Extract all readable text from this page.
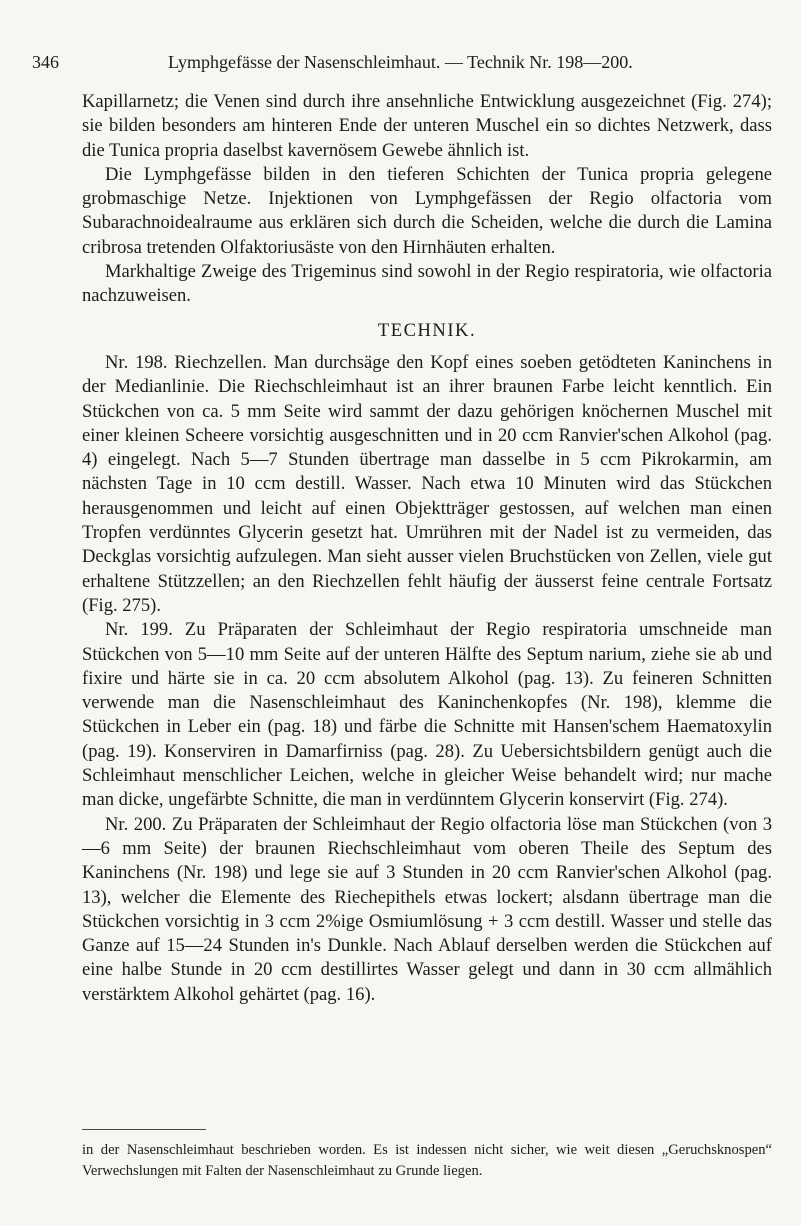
346	Lymphgefässe der Nasenschleimhaut. — Technik Nr. 198—200.

Kapillarnetz; die Venen sind durch ihre ansehnliche Entwicklung ausgezeichnet (Fig. 274); sie bilden besonders am hinteren Ende der unteren Muschel ein so dichtes Netzwerk, dass die Tunica propria daselbst kavernösem Gewebe ähnlich ist.

Die Lymphgefässe bilden in den tieferen Schichten der Tunica propria gelegene grobmaschige Netze. Injektionen von Lymphgefässen der Regio olfactoria vom Subarachnoidealraume aus erklären sich durch die Scheiden, welche die durch die Lamina cribrosa tretenden Olfaktoriusäste von den Hirnhäuten erhalten.

Markhaltige Zweige des Trigeminus sind sowohl in der Regio respiratoria, wie olfactoria nachzuweisen.

TECHNIK.

Nr. 198. Riechzellen. Man durchsäge den Kopf eines soeben getödteten Kaninchens in der Medianlinie. Die Riechschleimhaut ist an ihrer braunen Farbe leicht kenntlich. Ein Stückchen von ca. 5 mm Seite wird sammt der dazu gehörigen knöchernen Muschel mit einer kleinen Scheere vorsichtig ausgeschnitten und in 20 ccm Ranvier'schen Alkohol (pag. 4) eingelegt. Nach 5—7 Stunden übertrage man dasselbe in 5 ccm Pikrokarmin, am nächsten Tage in 10 ccm destill. Wasser. Nach etwa 10 Minuten wird das Stückchen herausgenommen und leicht auf einen Objektträger gestossen, auf welchen man einen Tropfen verdünntes Glycerin gesetzt hat. Umrühren mit der Nadel ist zu vermeiden, das Deckglas vorsichtig aufzulegen. Man sieht ausser vielen Bruchstücken von Zellen, viele gut erhaltene Stützzellen; an den Riechzellen fehlt häufig der äusserst feine centrale Fortsatz (Fig. 275).

Nr. 199. Zu Präparaten der Schleimhaut der Regio respiratoria umschneide man Stückchen von 5—10 mm Seite auf der unteren Hälfte des Septum narium, ziehe sie ab und fixire und härte sie in ca. 20 ccm absolutem Alkohol (pag. 13). Zu feineren Schnitten verwende man die Nasenschleimhaut des Kaninchenkopfes (Nr. 198), klemme die Stückchen in Leber ein (pag. 18) und färbe die Schnitte mit Hansen'schem Haematoxylin (pag. 19). Konserviren in Damarfirniss (pag. 28). Zu Uebersichtsbildern genügt auch die Schleimhaut menschlicher Leichen, welche in gleicher Weise behandelt wird; nur mache man dicke, ungefärbte Schnitte, die man in verdünntem Glycerin konservirt (Fig. 274).

Nr. 200. Zu Präparaten der Schleimhaut der Regio olfactoria löse man Stückchen (von 3—6 mm Seite) der braunen Riechschleimhaut vom oberen Theile des Septum des Kaninchens (Nr. 198) und lege sie auf 3 Stunden in 20 ccm Ranvier'schen Alkohol (pag. 13), welcher die Elemente des Riechepithels etwas lockert; alsdann übertrage man die Stückchen vorsichtig in 3 ccm 2%ige Osmiumlösung + 3 ccm destill. Wasser und stelle das Ganze auf 15—24 Stunden in's Dunkle. Nach Ablauf derselben werden die Stückchen auf eine halbe Stunde in 20 ccm destillirtes Wasser gelegt und dann in 30 ccm allmählich verstärktem Alkohol gehärtet (pag. 16).

in der Nasenschleimhaut beschrieben worden. Es ist indessen nicht sicher, wie weit diesen „Geruchsknospen“ Verwechslungen mit Falten der Nasenschleimhaut zu Grunde liegen.
